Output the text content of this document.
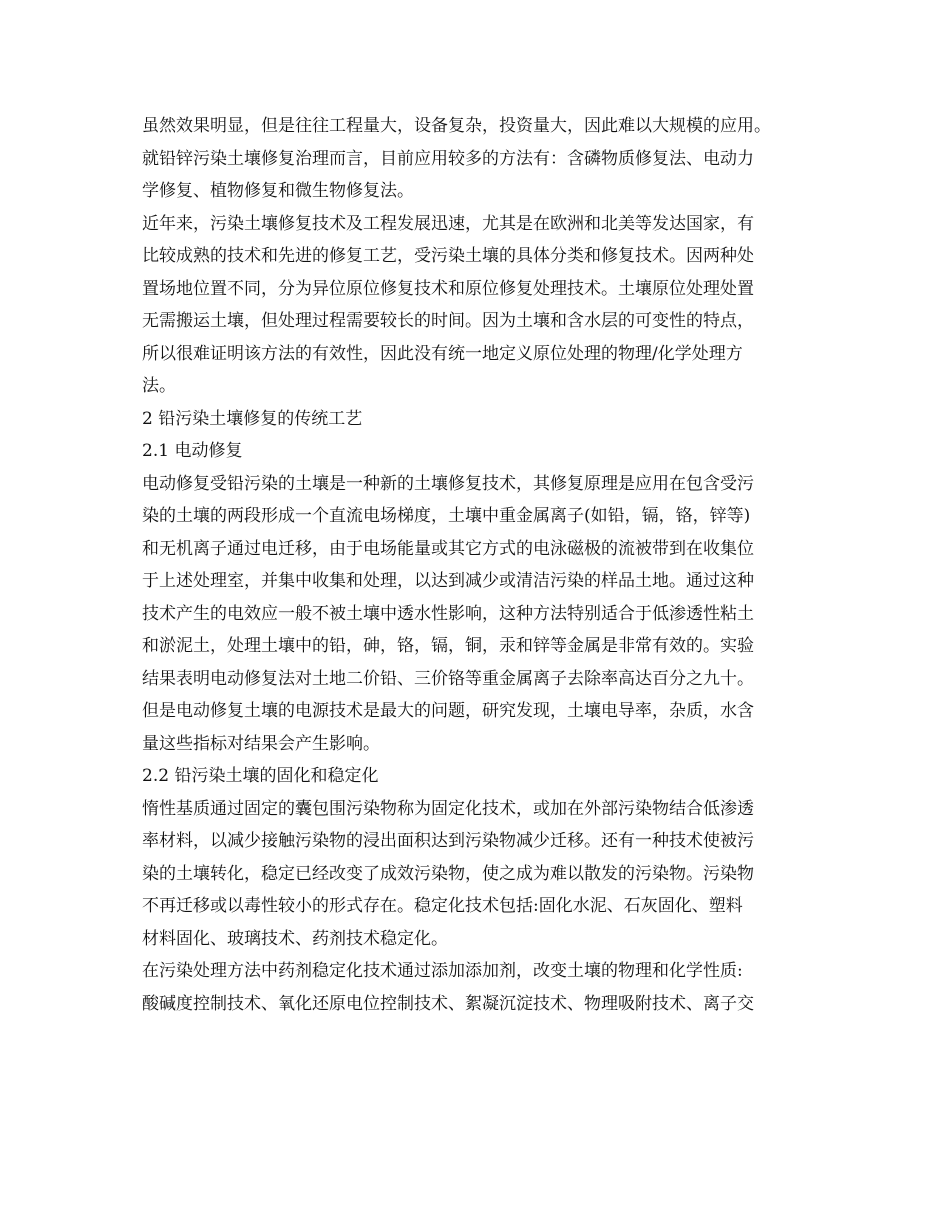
虽然效果明显，但是往往工程量大，设备复杂，投资量大，因此难以大规模的应用。
就铅锌污染土壤修复治理而言，目前应用较多的方法有：含磷物质修复法、电动力
学修复、植物修复和微生物修复法。
近年来，污染土壤修复技术及工程发展迅速，尤其是在欧洲和北美等发达国家，有
比较成熟的技术和先进的修复工艺，受污染土壤的具体分类和修复技术。因两种处
置场地位置不同，分为异位原位修复技术和原位修复处理技术。土壤原位处理处置
无需搬运土壤，但处理过程需要较长的时间。因为土壤和含水层的可变性的特点，
所以很难证明该方法的有效性，因此没有统一地定义原位处理的物理/化学处理方
法。
2 铅污染土壤修复的传统工艺
2.1 电动修复
电动修复受铅污染的土壤是一种新的土壤修复技术，其修复原理是应用在包含受污
染的土壤的两段形成一个直流电场梯度，土壤中重金属离子(如铅，镉，铬，锌等)
和无机离子通过电迁移，由于电场能量或其它方式的电泳磁极的流被带到在收集位
于上述处理室，并集中收集和处理，以达到减少或清洁污染的样品土地。通过这种
技术产生的电效应一般不被土壤中透水性影响，这种方法特别适合于低渗透性粘土
和淤泥土，处理土壤中的铅，砷，铬，镉，铜，汞和锌等金属是非常有效的。实验
结果表明电动修复法对土地二价铅、三价铬等重金属离子去除率高达百分之九十。
但是电动修复土壤的电源技术是最大的问题，研究发现，土壤电导率，杂质，水含
量这些指标对结果会产生影响。
2.2 铅污染土壤的固化和稳定化
惰性基质通过固定的囊包围污染物称为固定化技术，或加在外部污染物结合低渗透
率材料，以减少接触污染物的浸出面积达到污染物减少迁移。还有一种技术使被污
染的土壤转化，稳定已经改变了成效污染物，使之成为难以散发的污染物。污染物
不再迁移或以毒性较小的形式存在。稳定化技术包括:固化水泥、石灰固化、塑料
材料固化、玻璃技术、药剂技术稳定化。
在污染处理方法中药剂稳定化技术通过添加添加剂，改变土壤的物理和化学性质:
酸碱度控制技术、氧化还原电位控制技术、絮凝沉淀技术、物理吸附技术、离子交
